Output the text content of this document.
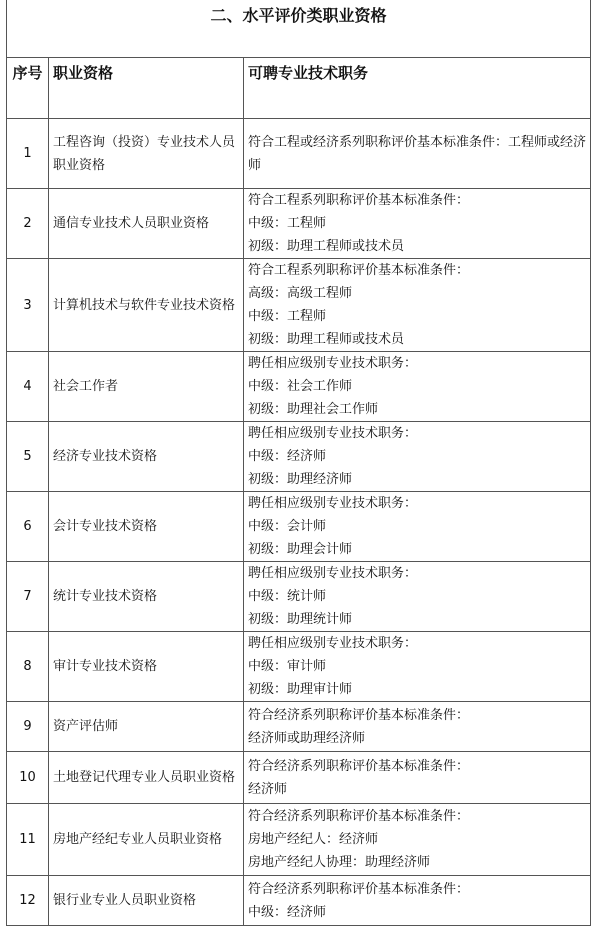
二、水平评价类职业资格		
序号	职业资格	可聘专业技术职务
1	工程咨询（投资）专业技术人员职业资格	符合工程或经济系列职称评价基本标准条件：工程师或经济师

2	通信专业技术人员职业资格	符合工程系列职称评价基本标准条件：
中级：工程师
初级：助理工程师或技术员

3	计算机技术与软件专业技术资格	符合工程系列职称评价基本标准条件：
高级：高级工程师
中级：工程师
初级：助理工程师或技术员

4	社会工作者	聘任相应级别专业技术职务：
中级：社会工作师
初级：助理社会工作师

5	经济专业技术资格	聘任相应级别专业技术职务：
中级：经济师
初级：助理经济师

6	会计专业技术资格	聘任相应级别专业技术职务：
中级：会计师
初级：助理会计师

7	统计专业技术资格	聘任相应级别专业技术职务：
中级：统计师
初级：助理统计师

8	审计专业技术资格	聘任相应级别专业技术职务：
中级：审计师
初级：助理审计师

9	资产评估师	符合经济系列职称评价基本标准条件：
经济师或助理经济师

10	土地登记代理专业人员职业资格	符合经济系列职称评价基本标准条件：
经济师

11	房地产经纪专业人员职业资格	符合经济系列职称评价基本标准条件：
房地产经纪人：经济师
房地产经纪人协理：助理经济师

12	银行业专业人员职业资格	符合经济系列职称评价基本标准条件：
中级：经济师
